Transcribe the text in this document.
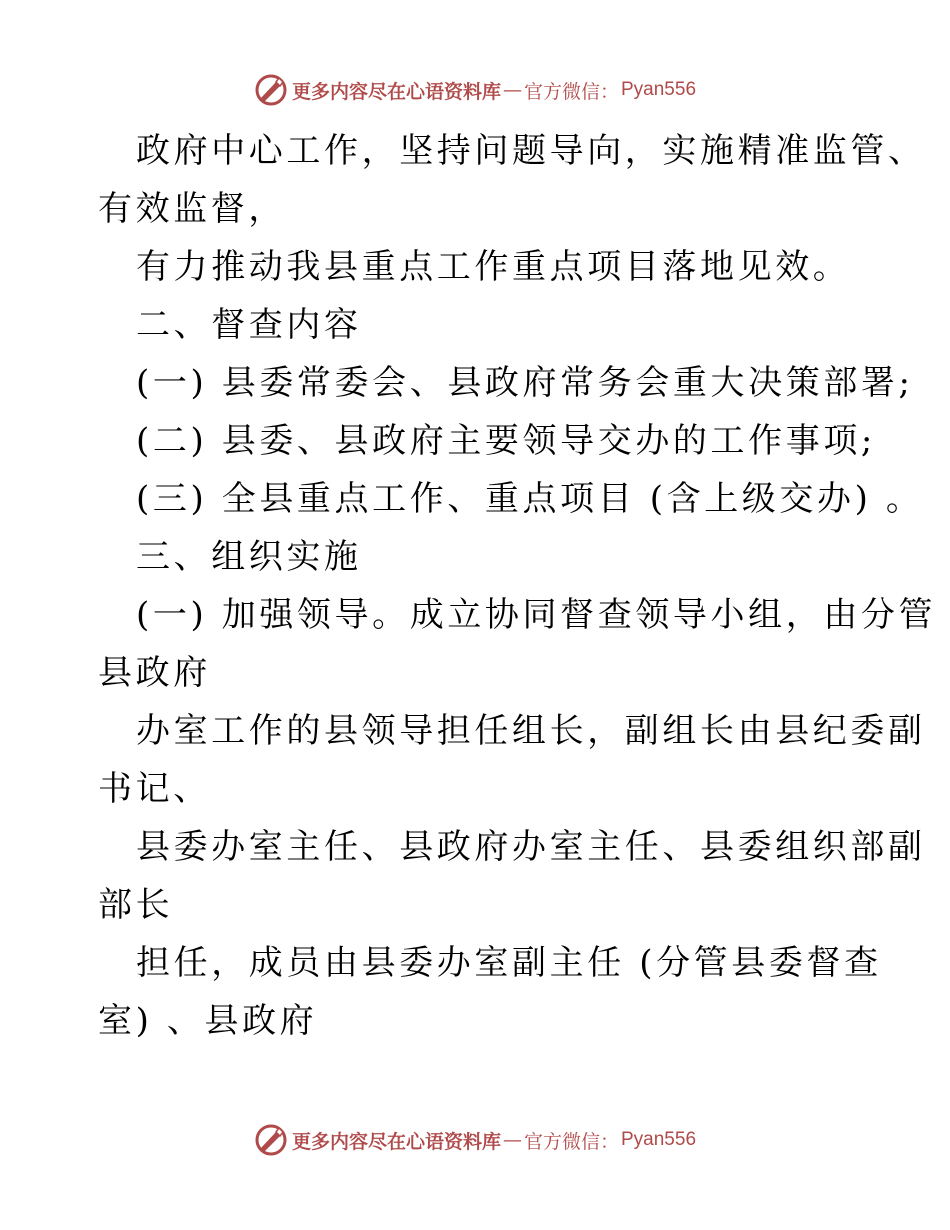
更多内容尽在心语资料库 — 官方微信： Pyan556
政府中心工作，坚持问题导向，实施精准监管、
有效监督，
有力推动我县重点工作重点项目落地见效。
二、督查内容
(一) 县委常委会、县政府常务会重大决策部署;
(二) 县委、县政府主要领导交办的工作事项;
(三) 全县重点工作、重点项目 (含上级交办) 。
三、组织实施
(一) 加强领导。成立协同督查领导小组，由分管
县政府
办室工作的县领导担任组长，副组长由县纪委副
书记、
县委办室主任、县政府办室主任、县委组织部副
部长
担任，成员由县委办室副主任 (分管县委督查
室) 、县政府
更多内容尽在心语资料库 — 官方微信： Pyan556
